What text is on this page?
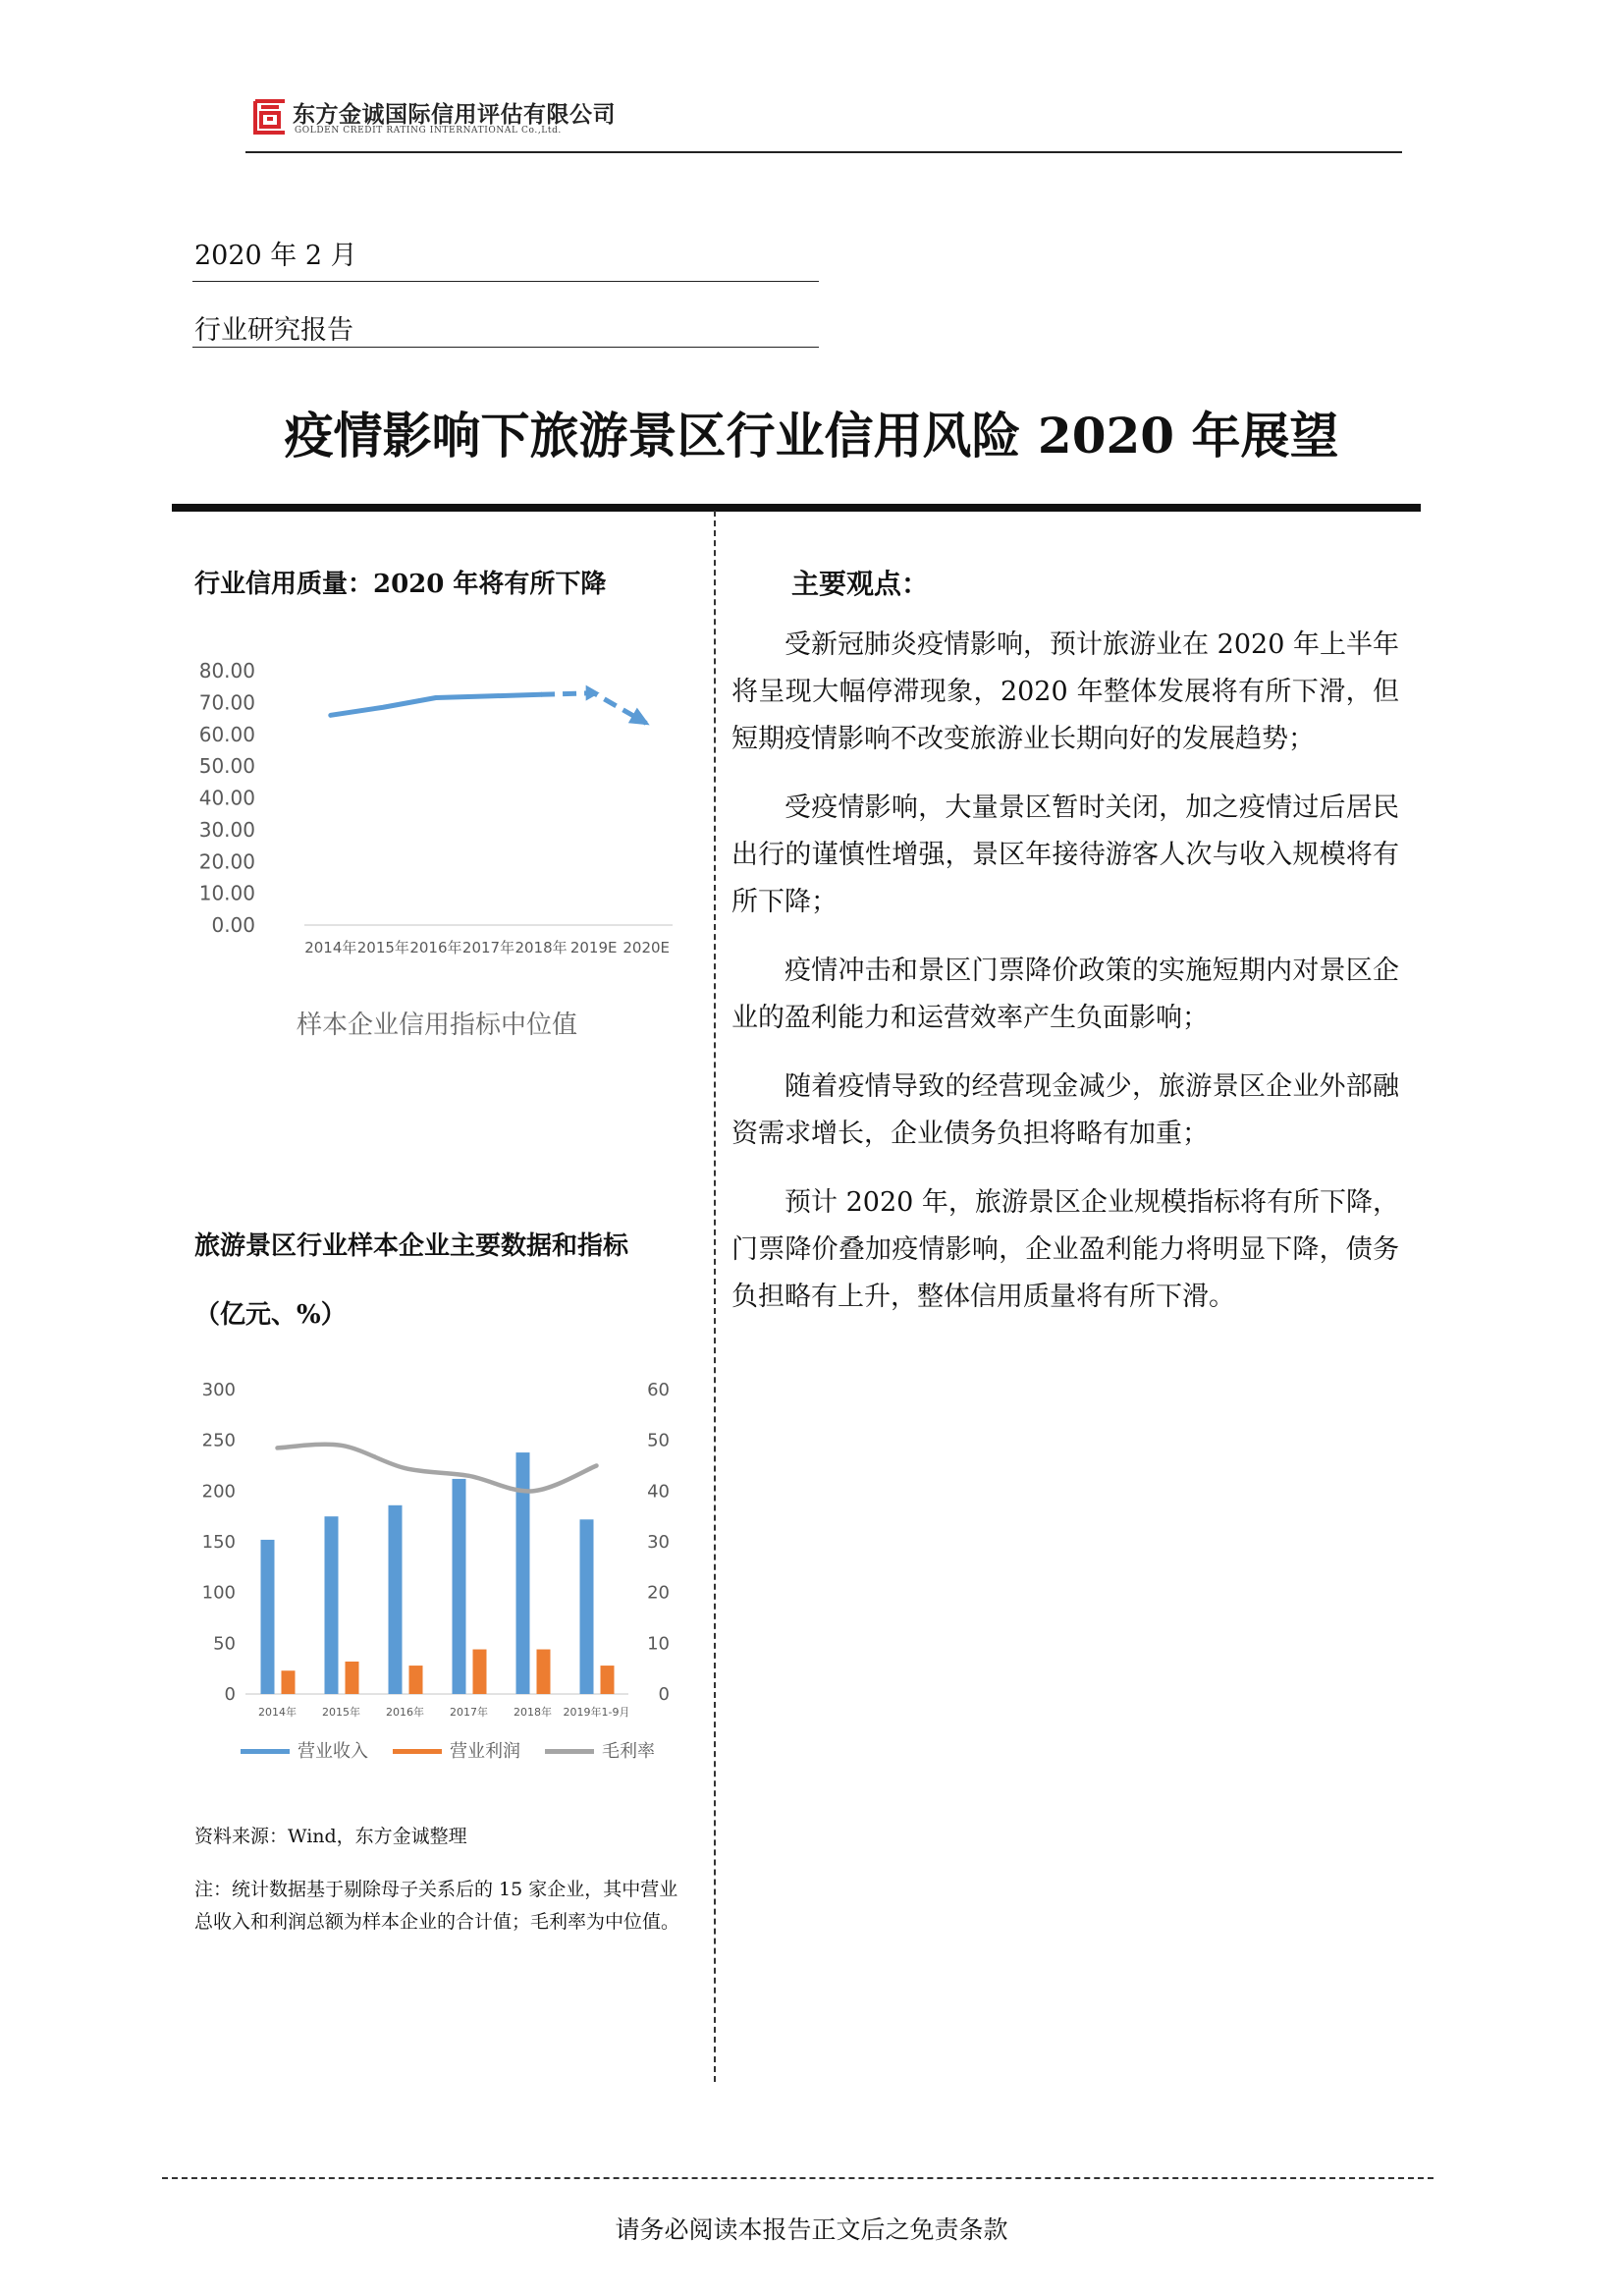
东方金诚国际信用评估有限公司
GOLDEN CREDIT RATING INTERNATIONAL Co.,Ltd.
2020 年 2 月
行业研究报告
疫情影响下旅游景区行业信用风险 2020 年展望
行业信用质量：2020 年将有所下降
80.00
70.00
60.00
50.00
40.00
30.00
20.00
10.00
0.00
2014年 2015年 2016年 2017年 2018年 2019E 2020E
样本企业信用指标中位值
旅游景区行业样本企业主要数据和指标
（亿元、%）
300
250
200
150
100
50
0
60
50
40
30
20
10
0
2014年 2015年 2016年 2017年 2018年 2019年1-9月
营业收入	营业利润	毛利率
资料来源：Wind，东方金诚整理
注：统计数据基于剔除母子关系后的 15 家企业，其中营业总收入和利润总额为样本企业的合计值；毛利率为中位值。
主要观点：

受新冠肺炎疫情影响，预计旅游业在 2020 年上半年将呈现大幅停滞现象，2020 年整体发展将有所下滑，但短期疫情影响不改变旅游业长期向好的发展趋势；

受疫情影响，大量景区暂时关闭，加之疫情过后居民出行的谨慎性增强，景区年接待游客人次与收入规模将有所下降；

疫情冲击和景区门票降价政策的实施短期内对景区企业的盈利能力和运营效率产生负面影响；

随着疫情导致的经营现金减少，旅游景区企业外部融资需求增长，企业债务负担将略有加重；

预计 2020 年，旅游景区企业规模指标将有所下降，门票降价叠加疫情影响，企业盈利能力将明显下降，债务负担略有上升，整体信用质量将有所下滑。

请务必阅读本报告正文后之免责条款
